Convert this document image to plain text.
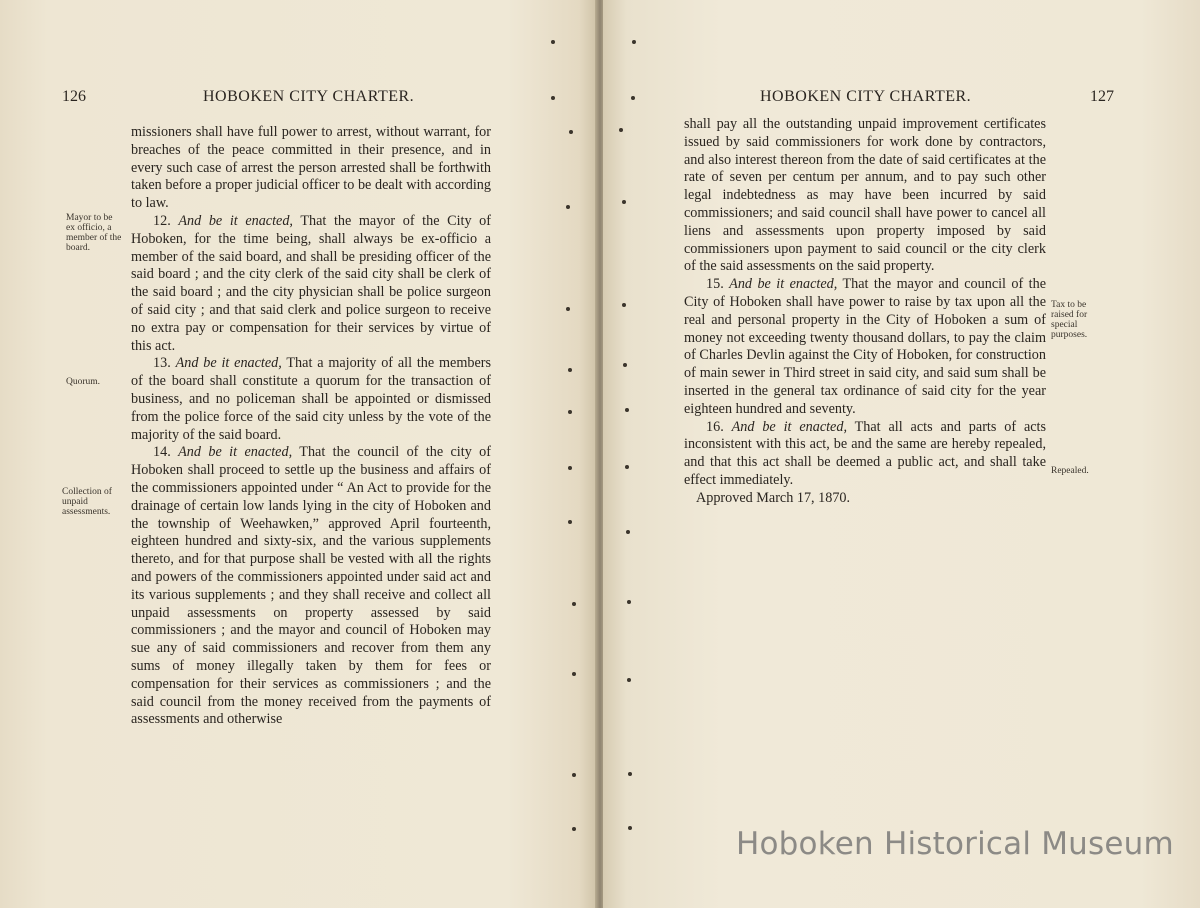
126	HOBOKEN CITY CHARTER.
Mayor to be ex officio, a member of the board.
Quorum.
Collection of unpaid assessments.

missioners shall have full power to arrest, without warrant, for breaches of the peace committed in their presence, and in every such case of arrest the person arrested shall be forthwith taken before a proper judicial officer to be dealt with according to law.

12. And be it enacted, That the mayor of the City of Hoboken, for the time being, shall always be ex-officio a member of the said board, and shall be presiding officer of the said board ; and the city clerk of the said city shall be clerk of the said board ; and the city physician shall be police surgeon of said city ; and that said clerk and police surgeon to receive no extra pay or compensation for their services by virtue of this act.

13. And be it enacted, That a majority of all the members of the board shall constitute a quorum for the transaction of business, and no policeman shall be appointed or dismissed from the police force of the said city unless by the vote of the majority of the said board.

14. And be it enacted, That the council of the city of Hoboken shall proceed to settle up the business and affairs of the commissioners appointed under “ An Act to provide for the drainage of certain low lands lying in the city of Hoboken and the township of Weehawken,” approved April fourteenth, eighteen hundred and sixty-six, and the various supplements thereto, and for that purpose shall be vested with all the rights and powers of the commissioners appointed under said act and its various supplements ; and they shall receive and collect all unpaid assessments on property assessed by said commissioners ; and the mayor and council of Hoboken may sue any of said commissioners and recover from them any sums of money illegally taken by them for fees or compensation for their services as commissioners ; and the said council from the money received from the payments of assessments and otherwise

HOBOKEN CITY CHARTER.	127

shall pay all the outstanding unpaid improvement certificates issued by said commissioners for work done by contractors, and also interest thereon from the date of said certificates at the rate of seven per centum per annum, and to pay such other legal indebtedness as may have been incurred by said commissioners; and said council shall have power to cancel all liens and assessments upon property imposed by said commissioners upon payment to said council or the city clerk of the said assessments on the said property.

15. And be it enacted, That the mayor and council of the City of Hoboken shall have power to raise by tax upon all the real and personal property in the City of Hoboken a sum of money not exceeding twenty thousand dollars, to pay the claim of Charles Devlin against the City of Hoboken, for construction of main sewer in Third street in said city, and said sum shall be inserted in the general tax ordinance of said city for the year eighteen hundred and seventy.

16. And be it enacted, That all acts and parts of acts inconsistent with this act, be and the same are hereby repealed, and that this act shall be deemed a public act, and shall take effect immediately.

Approved March 17, 1870.

Tax to be raised for special purposes.
Repealed.
Hoboken Historical Museum
